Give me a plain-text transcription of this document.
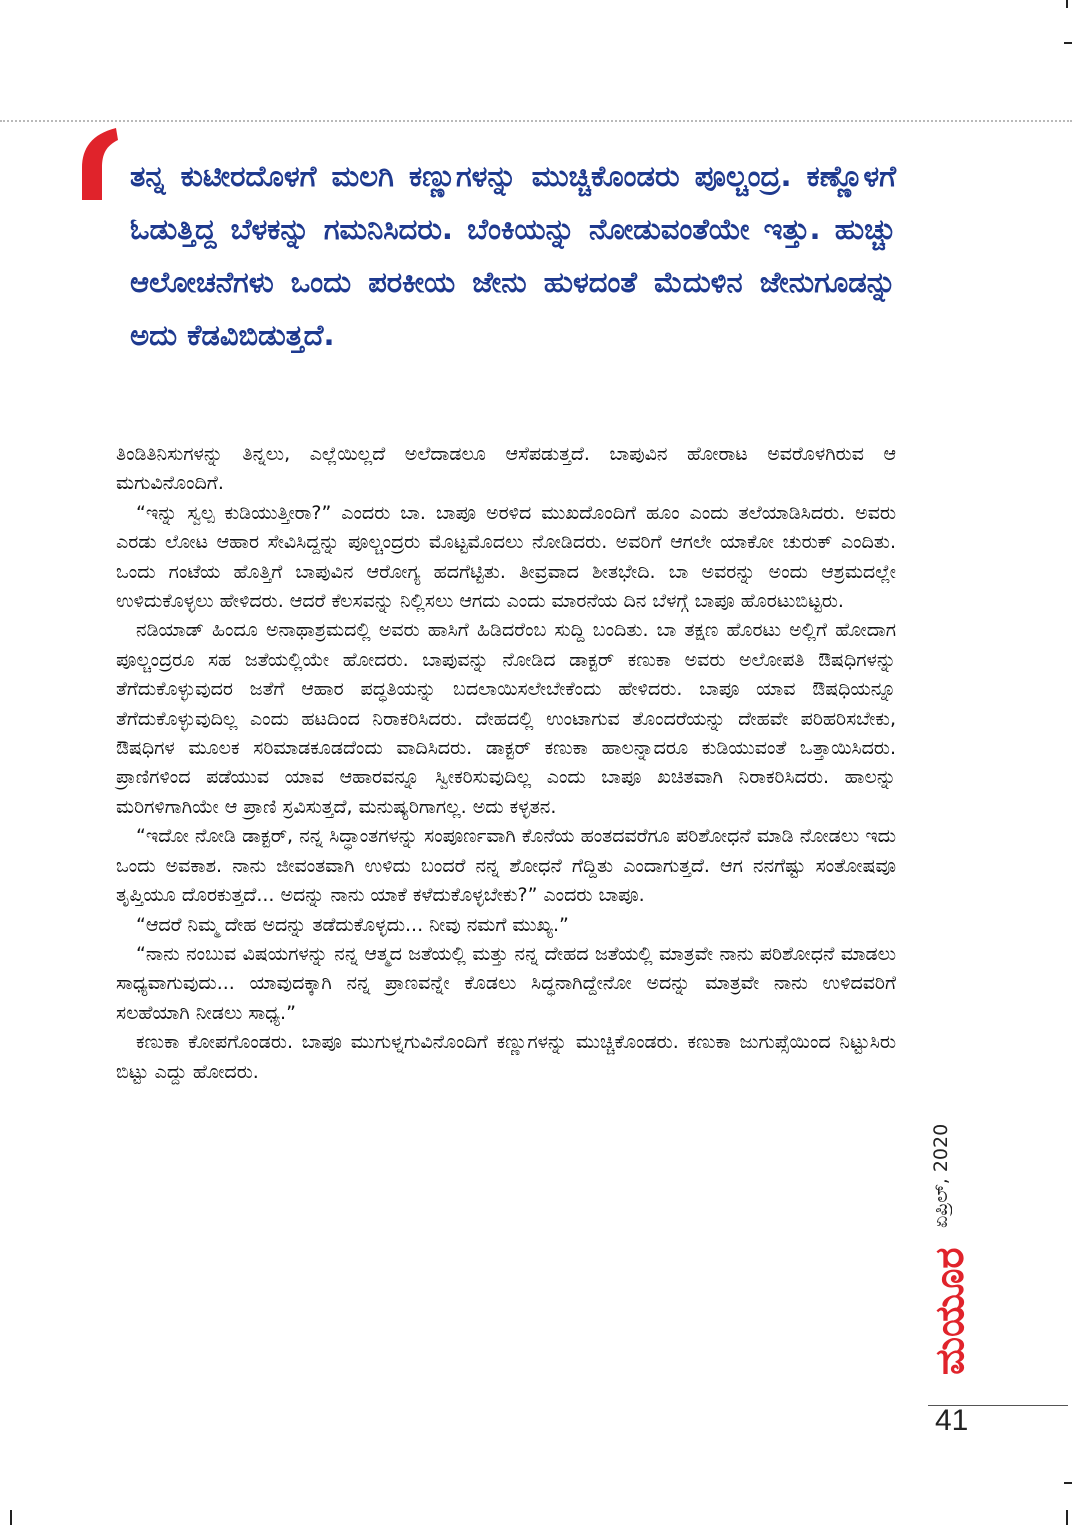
ತನ್ನ ಕುಟೀರದೊಳಗೆ ಮಲಗಿ ಕಣ್ಣುಗಳನ್ನು ಮುಚ್ಚಿಕೊಂಡರು ಪೂಲ್ಚಂದ್ರ. ಕಣ್ಣೊಳಗೆ ಓಡುತ್ತಿದ್ದ ಬೆಳಕನ್ನು ಗಮನಿಸಿದರು. ಬೆಂಕಿಯನ್ನು ನೋಡುವಂತೆಯೇ ಇತ್ತು. ಹುಚ್ಚು ಆಲೋಚನೆಗಳು ಒಂದು ಪರಕೀಯ ಜೇನು ಹುಳದಂತೆ ಮೆದುಳಿನ ಜೇನುಗೂಡನ್ನು ಅದು ಕೆಡವಿಬಿಡುತ್ತದೆ.

ತಿಂಡಿತಿನಿಸುಗಳನ್ನು ತಿನ್ನಲು, ಎಲ್ಲೆಯಿಲ್ಲದೆ ಅಲೆದಾಡಲೂ ಆಸೆಪಡುತ್ತದೆ. ಬಾಪುವಿನ ಹೋರಾಟ ಅವರೊಳಗಿರುವ ಆ ಮಗುವಿನೊಂದಿಗೆ.

“ಇನ್ನು ಸ್ವಲ್ಪ ಕುಡಿಯುತ್ತೀರಾ?” ಎಂದರು ಬಾ. ಬಾಪೂ ಅರಳಿದ ಮುಖದೊಂದಿಗೆ ಹೂಂ ಎಂದು ತಲೆಯಾಡಿಸಿದರು. ಅವರು ಎರಡು ಲೋಟ ಆಹಾರ ಸೇವಿಸಿದ್ದನ್ನು ಪೂಲ್ಚಂದ್ರರು ಮೊಟ್ಟಮೊದಲು ನೋಡಿದರು. ಅವರಿಗೆ ಆಗಲೇ ಯಾಕೋ ಚುರುಕ್ ಎಂದಿತು. ಒಂದು ಗಂಟೆಯ ಹೊತ್ತಿಗೆ ಬಾಪುವಿನ ಆರೋಗ್ಯ ಹದಗೆಟ್ಟಿತು. ತೀವ್ರವಾದ ಶೀತಭೇದಿ. ಬಾ ಅವರನ್ನು ಅಂದು ಆಶ್ರಮದಲ್ಲೇ ಉಳಿದುಕೊಳ್ಳಲು ಹೇಳಿದರು. ಆದರೆ ಕೆಲಸವನ್ನು ನಿಲ್ಲಿಸಲು ಆಗದು ಎಂದು ಮಾರನೆಯ ದಿನ ಬೆಳಗ್ಗೆ ಬಾಪೂ ಹೊರಟುಬಿಟ್ಟರು.

ನಡಿಯಾಡ್ ಹಿಂದೂ ಅನಾಥಾಶ್ರಮದಲ್ಲಿ ಅವರು ಹಾಸಿಗೆ ಹಿಡಿದರೆಂಬ ಸುದ್ದಿ ಬಂದಿತು. ಬಾ ತಕ್ಷಣ ಹೊರಟು ಅಲ್ಲಿಗೆ ಹೋದಾಗ ಪೂಲ್ಚಂದ್ರರೂ ಸಹ ಜತೆಯಲ್ಲಿಯೇ ಹೋದರು. ಬಾಪುವನ್ನು ನೋಡಿದ ಡಾಕ್ಟರ್ ಕಣುಕಾ ಅವರು ಅಲೋಪತಿ ಔಷಧಿಗಳನ್ನು ತೆಗೆದುಕೊಳ್ಳುವುದರ ಜತೆಗೆ ಆಹಾರ ಪದ್ಧತಿಯನ್ನು ಬದಲಾಯಿಸಲೇಬೇಕೆಂದು ಹೇಳಿದರು. ಬಾಪೂ ಯಾವ ಔಷಧಿಯನ್ನೂ ತೆಗೆದುಕೊಳ್ಳುವುದಿಲ್ಲ ಎಂದು ಹಟದಿಂದ ನಿರಾಕರಿಸಿದರು. ದೇಹದಲ್ಲಿ ಉಂಟಾಗುವ ತೊಂದರೆಯನ್ನು ದೇಹವೇ ಪರಿಹರಿಸಬೇಕು, ಔಷಧಿಗಳ ಮೂಲಕ ಸರಿಮಾಡಕೂಡದೆಂದು ವಾದಿಸಿದರು. ಡಾಕ್ಟರ್ ಕಣುಕಾ ಹಾಲನ್ನಾದರೂ ಕುಡಿಯುವಂತೆ ಒತ್ತಾಯಿಸಿದರು. ಪ್ರಾಣಿಗಳಿಂದ ಪಡೆಯುವ ಯಾವ ಆಹಾರವನ್ನೂ ಸ್ವೀಕರಿಸುವುದಿಲ್ಲ ಎಂದು ಬಾಪೂ ಖಚಿತವಾಗಿ ನಿರಾಕರಿಸಿದರು. ಹಾಲನ್ನು ಮರಿಗಳಿಗಾಗಿಯೇ ಆ ಪ್ರಾಣಿ ಸ್ರವಿಸುತ್ತದೆ, ಮನುಷ್ಯರಿಗಾಗಲ್ಲ. ಅದು ಕಳ್ಳತನ.

“ಇದೋ ನೋಡಿ ಡಾಕ್ಟರ್, ನನ್ನ ಸಿದ್ಧಾಂತಗಳನ್ನು ಸಂಪೂರ್ಣವಾಗಿ ಕೊನೆಯ ಹಂತದವರೆಗೂ ಪರಿಶೋಧನೆ ಮಾಡಿ ನೋಡಲು ಇದು ಒಂದು ಅವಕಾಶ. ನಾನು ಜೀವಂತವಾಗಿ ಉಳಿದು ಬಂದರೆ ನನ್ನ ಶೋಧನೆ ಗೆದ್ದಿತು ಎಂದಾಗುತ್ತದೆ. ಆಗ ನನಗೆಷ್ಟು ಸಂತೋಷವೂ ತೃಪ್ತಿಯೂ ದೊರಕುತ್ತದೆ... ಅದನ್ನು ನಾನು ಯಾಕೆ ಕಳೆದುಕೊಳ್ಳಬೇಕು?” ಎಂದರು ಬಾಪೂ.

“ಆದರೆ ನಿಮ್ಮ ದೇಹ ಅದನ್ನು ತಡೆದುಕೊಳ್ಳದು... ನೀವು ನಮಗೆ ಮುಖ್ಯ.”

“ನಾನು ನಂಬುವ ವಿಷಯಗಳನ್ನು ನನ್ನ ಆತ್ಮದ ಜತೆಯಲ್ಲಿ ಮತ್ತು ನನ್ನ ದೇಹದ ಜತೆಯಲ್ಲಿ ಮಾತ್ರವೇ ನಾನು ಪರಿಶೋಧನೆ ಮಾಡಲು ಸಾಧ್ಯವಾಗುವುದು... ಯಾವುದಕ್ಕಾಗಿ ನನ್ನ ಪ್ರಾಣವನ್ನೇ ಕೊಡಲು ಸಿದ್ಧನಾಗಿದ್ದೇನೋ ಅದನ್ನು ಮಾತ್ರವೇ ನಾನು ಉಳಿದವರಿಗೆ ಸಲಹೆಯಾಗಿ ನೀಡಲು ಸಾಧ್ಯ.”

ಕಣುಕಾ ಕೋಪಗೊಂಡರು. ಬಾಪೂ ಮುಗುಳ್ನಗುವಿನೊಂದಿಗೆ ಕಣ್ಣುಗಳನ್ನು ಮುಚ್ಚಿಕೊಂಡರು. ಕಣುಕಾ ಜುಗುಪ್ಸೆಯಿಂದ ನಿಟ್ಟುಸಿರು ಬಿಟ್ಟು ಎದ್ದು ಹೋದರು.

ಏಪ್ರಿಲ್, 2020
ಮಯೂರ
41
